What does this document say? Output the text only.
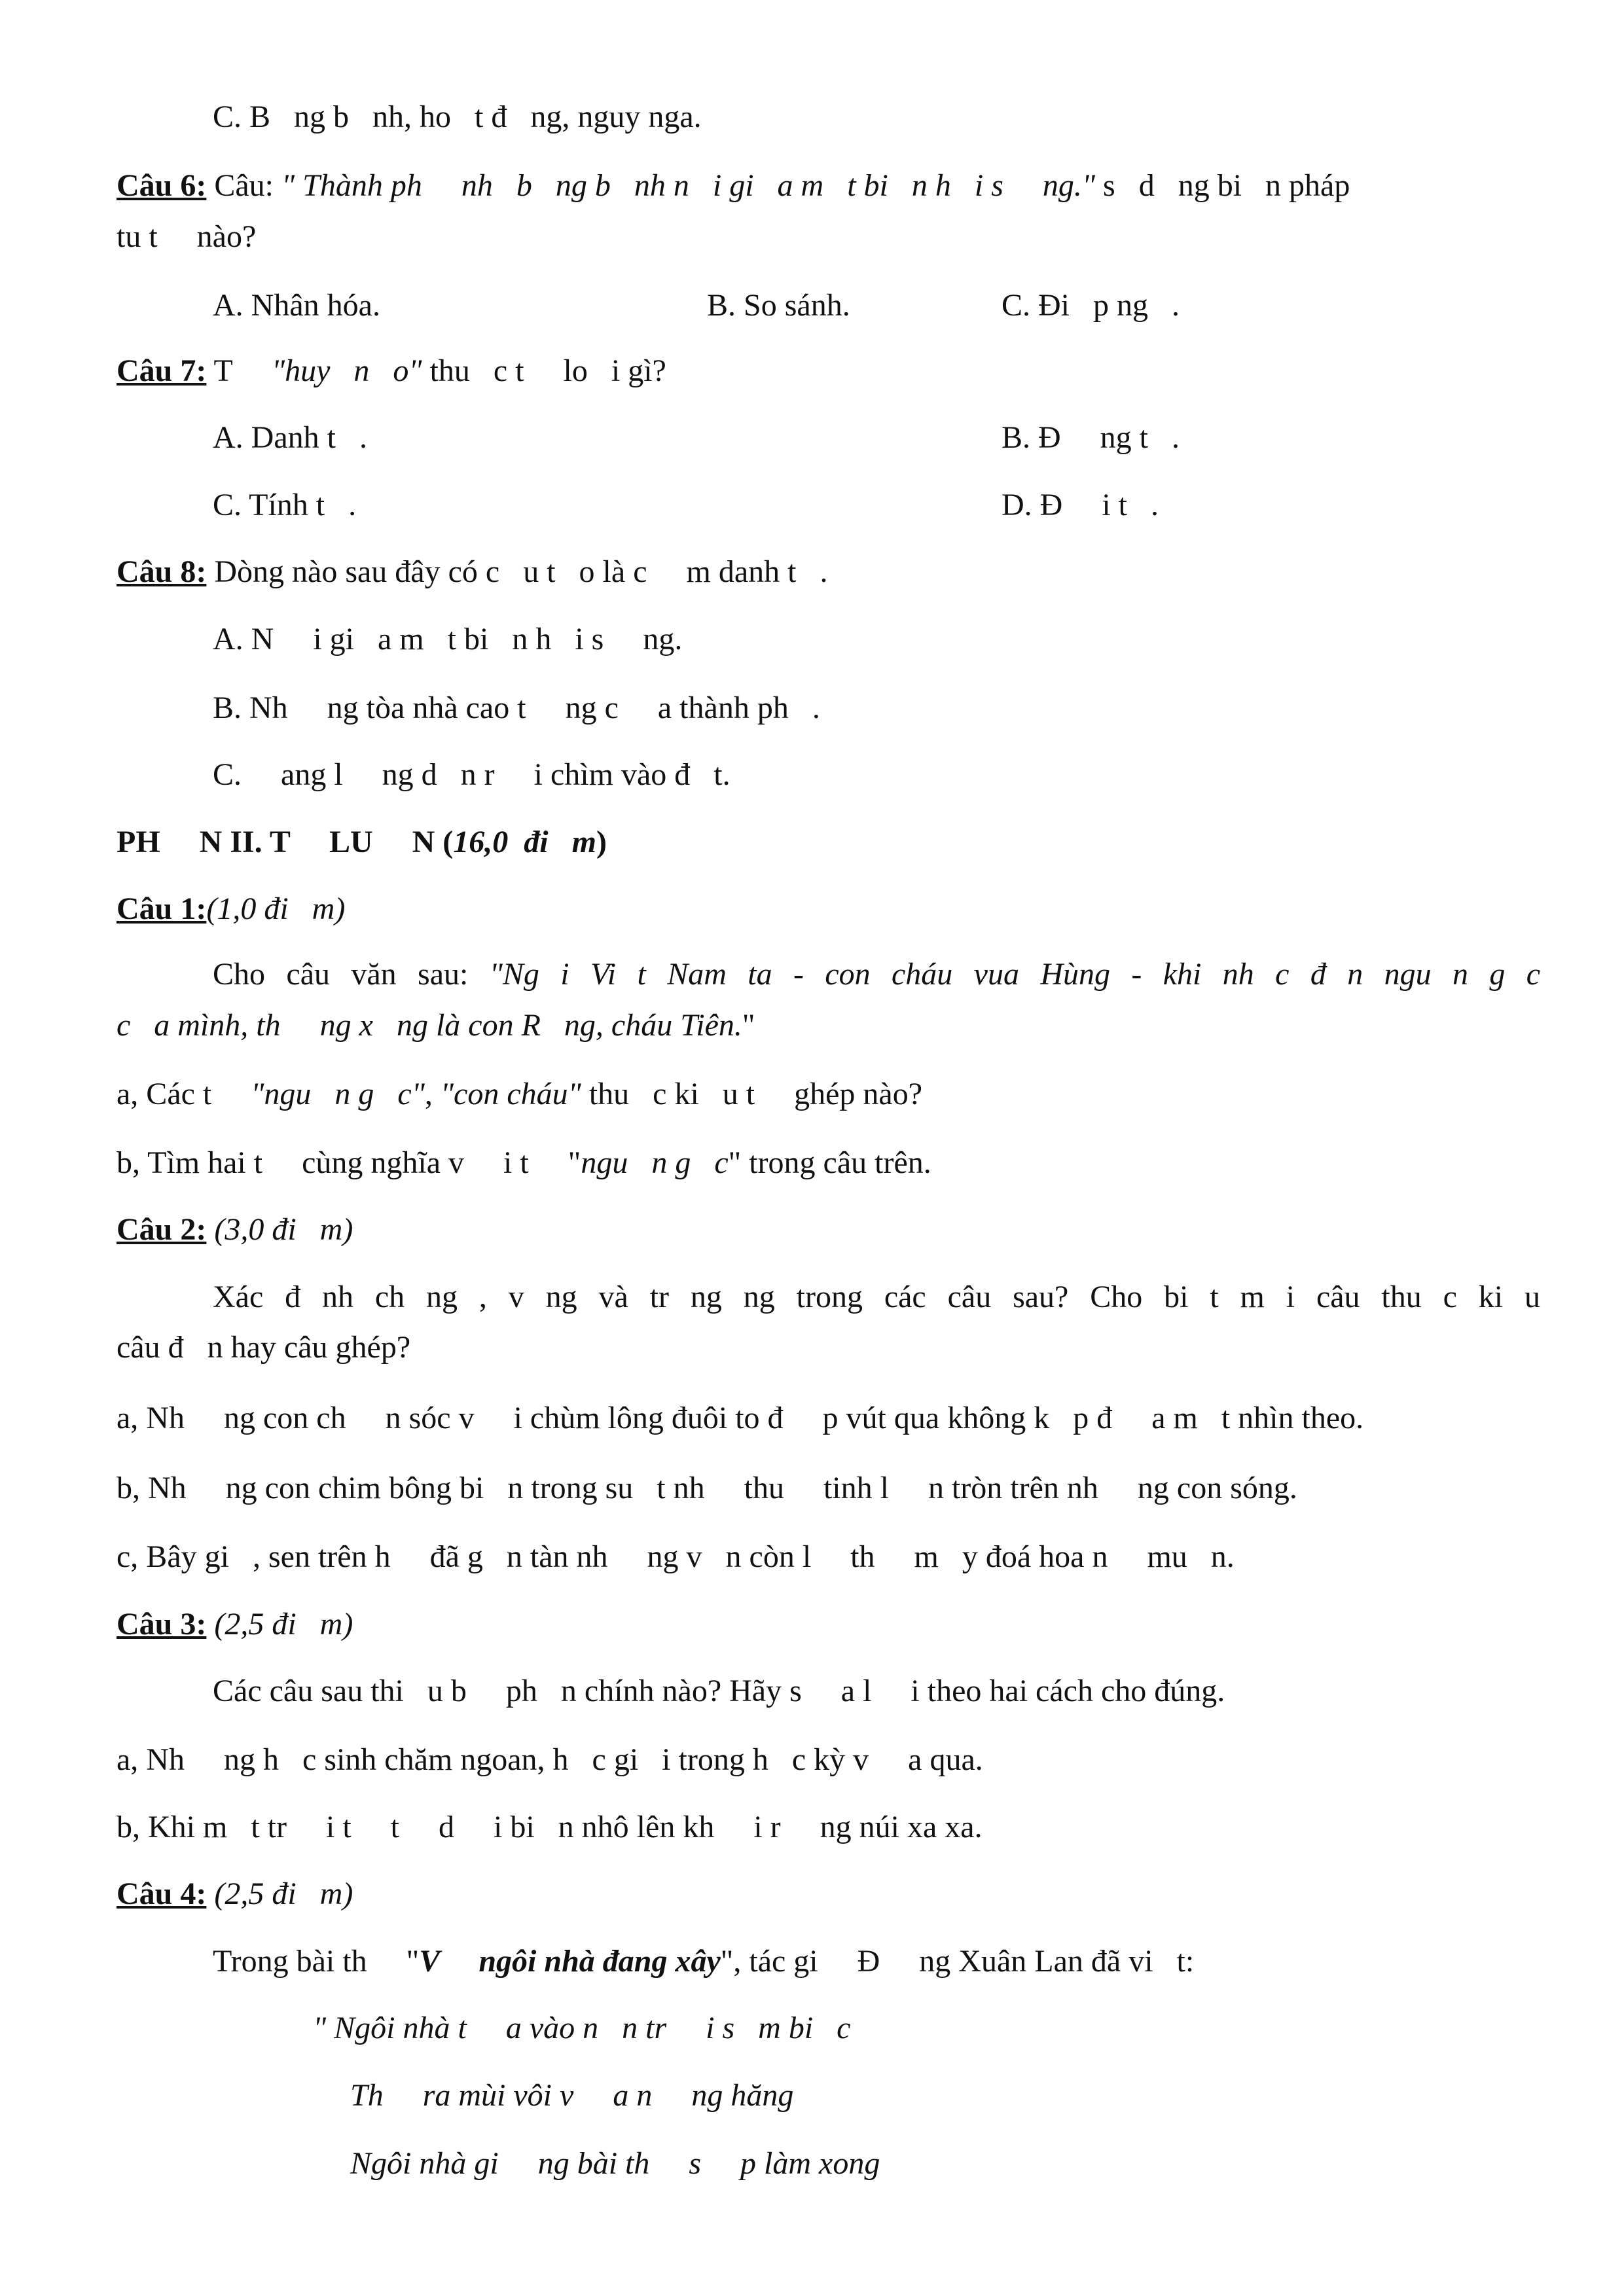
C. B   ng b   nh, ho   t đ   ng, nguy nga.
Câu 6: Câu: " Thành ph     nh   b   ng b   nh n   i gi   a m   t bi   n h   i s     ng." s   d   ng bi   n pháp
tu t     nào?
A. Nhân hóa.	B. So sánh.	C. Đi   p ng   .
Câu 7: T     "huy   n   o" thu   c t     lo   i gì?
A. Danh t   .	B. Đ     ng t   .
C. Tính t   .	D. Đ     i t   .
Câu 8: Dòng nào sau đây có c   u t   o là c     m danh t   .
A. N     i gi   a m   t bi   n h   i s     ng.
B. Nh     ng tòa nhà cao t     ng c     a thành ph   .
C.     ang l     ng d   n r     i chìm vào đ   t.
PH     N II. T     LU     N (16,0  đi   m)
Câu 1:(1,0 đi   m)
Cho câu văn sau: "Ng i Vi t Nam ta - con cháu vua Hùng - khi nh c đ n ngu n g c
c   a mình, th     ng x   ng là con R   ng, cháu Tiên."
a, Các t     "ngu   n g   c", "con cháu" thu   c ki   u t     ghép nào?
b, Tìm hai t     cùng nghĩa v     i t     "ngu   n g   c" trong câu trên.
Câu 2: (3,0 đi   m)
Xác đ nh ch ng , v ng và tr ng ng trong các câu sau? Cho bi t m i câu thu c ki u
câu đ   n hay câu ghép?
a, Nh     ng con ch     n sóc v     i chùm lông đuôi to đ     p vút qua không k   p đ     a m   t nhìn theo.
b, Nh     ng con chim bông bi   n trong su   t nh     thu     tinh l     n tròn trên nh     ng con sóng.
c, Bây gi   , sen trên h     đã g   n tàn nh     ng v   n còn l     th     m   y đoá hoa n     mu   n.
Câu 3: (2,5 đi   m)
Các câu sau thi   u b     ph   n chính nào? Hãy s     a l     i theo hai cách cho đúng.
a, Nh     ng h   c sinh chăm ngoan, h   c gi   i trong h   c kỳ v     a qua.
b, Khi m   t tr     i t     t     d     i bi   n nhô lên kh     i r     ng núi xa xa.
Câu 4: (2,5 đi   m)
Trong bài th     "V     ngôi nhà đang xây", tác gi     Đ     ng Xuân Lan đã vi   t:
" Ngôi nhà t     a vào n   n tr     i s   m bi   c
Th     ra mùi vôi v     a n     ng hăng
Ngôi nhà gi     ng bài th     s     p làm xong
